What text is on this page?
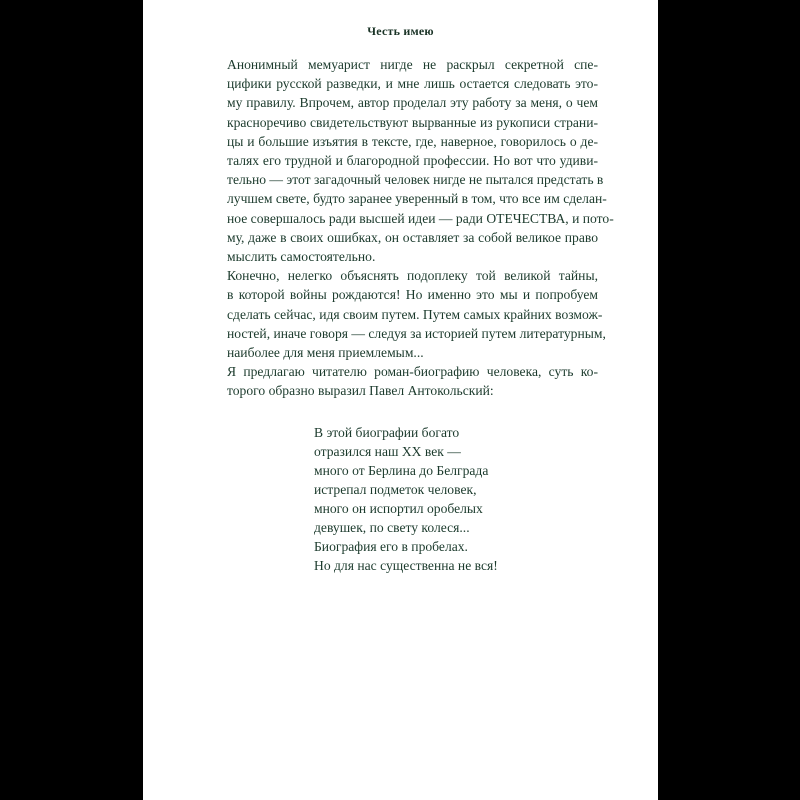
Честь имею

Анонимный мемуарист нигде не раскрыл секретной спе-
цифики русской разведки, и мне лишь остается следовать это-
му правилу. Впрочем, автор проделал эту работу за меня, о чем
красноречиво свидетельствуют вырванные из рукописи страни-
цы и большие изъятия в тексте, где, наверное, говорилось о де-
талях его трудной и благородной профессии. Но вот что удиви-
тельно — этот загадочный человек нигде не пытался предстать в
лучшем свете, будто заранее уверенный в том, что все им сделан-
ное совершалось ради высшей идеи — ради ОТЕЧЕСТВА, и пото-
му, даже в своих ошибках, он оставляет за собой великое право
мыслить самостоятельно.

Конечно, нелегко объяснять подоплеку той великой тайны,
в которой войны рождаются! Но именно это мы и попробуем
сделать сейчас, идя своим путем. Путем самых крайних возмож-
ностей, иначе говоря — следуя за историей путем литературным,
наиболее для меня приемлемым...

Я предлагаю читателю роман-биографию человека, суть ко-
торого образно выразил Павел Антокольский:

В этой биографии богато
отразился наш XX век —
много от Берлина до Белграда
истрепал подметок человек,
много он испортил оробелых
девушек, по свету колеся...
Биография его в пробелах.
Но для нас существенна не вся!
